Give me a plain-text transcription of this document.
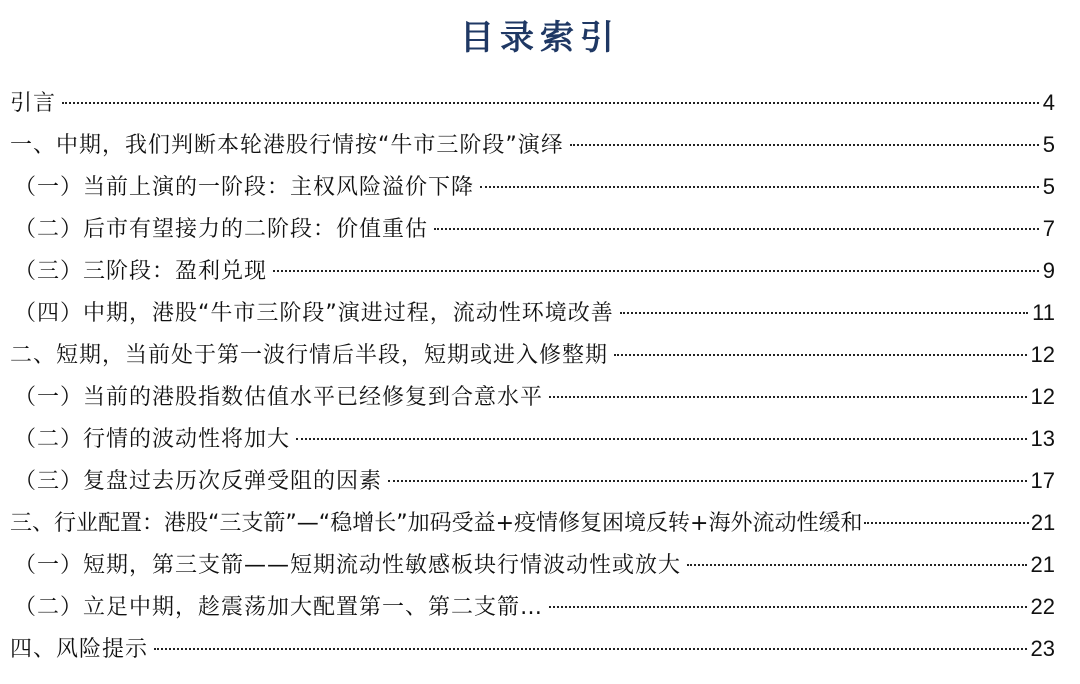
目录索引
引言	4
一、中期，我们判断本轮港股行情按“牛市三阶段”演绎	5
（一）当前上演的一阶段：主权风险溢价下降	5
（二）后市有望接力的二阶段：价值重估	7
（三）三阶段：盈利兑现	9
（四）中期，港股“牛市三阶段”演进过程，流动性环境改善	11
二、短期，当前处于第一波行情后半段，短期或进入修整期	12
（一）当前的港股指数估值水平已经修复到合意水平	12
（二）行情的波动性将加大	13
（三）复盘过去历次反弹受阻的因素	17
三、行业配置：港股“三支箭”—“稳增长”加码受益+疫情修复困境反转+海外流动性缓和	21
（一）短期，第三支箭——短期流动性敏感板块行情波动性或放大	21
（二）立足中期，趁震荡加大配置第一、第二支箭…	22
四、风险提示	23
